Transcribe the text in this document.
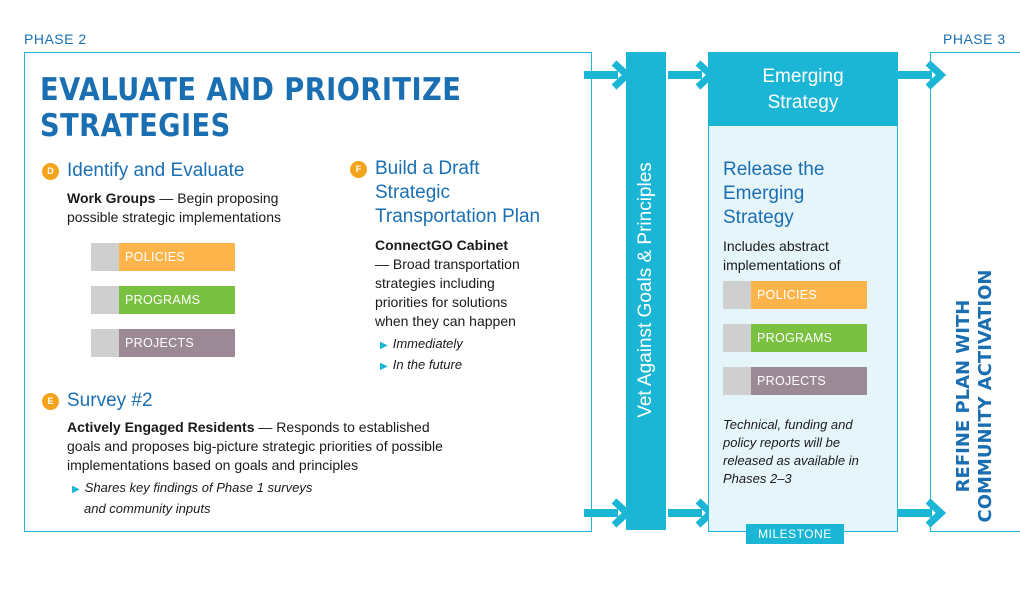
PHASE 2	PHASE 3
EVALUATE AND PRIORITIZE
STRATEGIES
D Identify and Evaluate
Work Groups — Begin proposing
possible strategic implementations
POLICIES
PROGRAMS
PROJECTS
F Build a Draft
Strategic
Transportation Plan
ConnectGO Cabinet
— Broad transportation
strategies including
priorities for solutions
when they can happen
▶ Immediately
▶ In the future
E Survey #2
Actively Engaged Residents — Responds to established
goals and proposes big-picture strategic priorities of possible
implementations based on goals and principles
▶ Shares key findings of Phase 1 surveys
and community inputs
Vet Against Goals & Principles
Emerging
Strategy
Release the
Emerging
Strategy
Includes abstract
implementations of
POLICIES
PROGRAMS
PROJECTS
Technical, funding and
policy reports will be
released as available in
Phases 2–3
MILESTONE
REFINE PLAN WITH COMMUNITY ACTIVATION
